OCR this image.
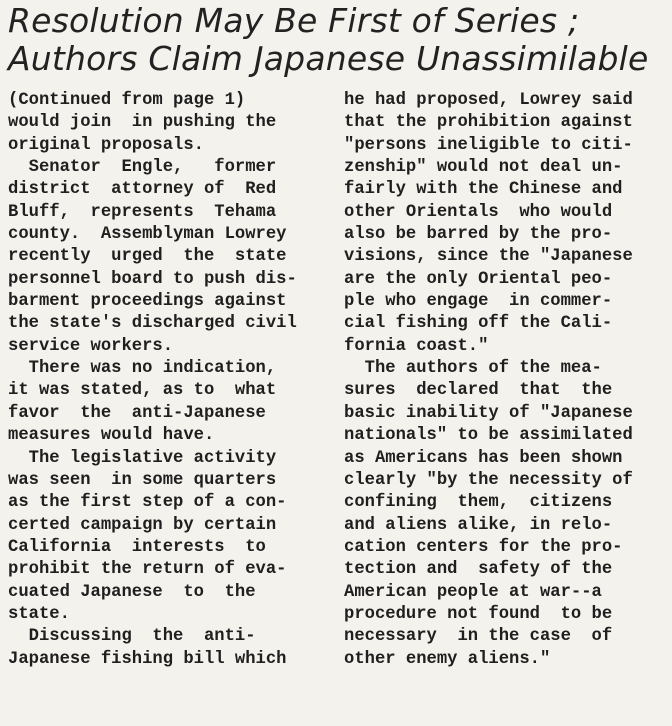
Resolution May Be First of Series ;
Authors Claim Japanese Unassimilable
(Continued from page 1)
would join  in pushing the
original proposals.
Senator  Engle,   former
district  attorney of  Red
Bluff,  represents  Tehama
county.  Assemblyman Lowrey
recently  urged  the  state
personnel board to push dis-
barment proceedings against
the state's discharged civil
service workers.
There was no indication,
it was stated, as to  what
favor  the  anti-Japanese
measures would have.
The legislative activity
was seen  in some quarters
as the first step of a con-
certed campaign by certain
California  interests  to
prohibit the return of eva-
cuated Japanese  to  the
state.
Discussing  the  anti-
Japanese fishing bill which
he had proposed, Lowrey said
that the prohibition against
"persons ineligible to citi-
zenship" would not deal un-
fairly with the Chinese and
other Orientals  who would
also be barred by the pro-
visions, since the "Japanese
are the only Oriental peo-
ple who engage  in commer-
cial fishing off the Cali-
fornia coast."
The authors of the mea-
sures  declared  that  the
basic inability of "Japanese
nationals" to be assimilated
as Americans has been shown
clearly "by the necessity of
confining  them,  citizens
and aliens alike, in relo-
cation centers for the pro-
tection and  safety of the
American people at war--a
procedure not found  to be
necessary  in the case  of
other enemy aliens."
